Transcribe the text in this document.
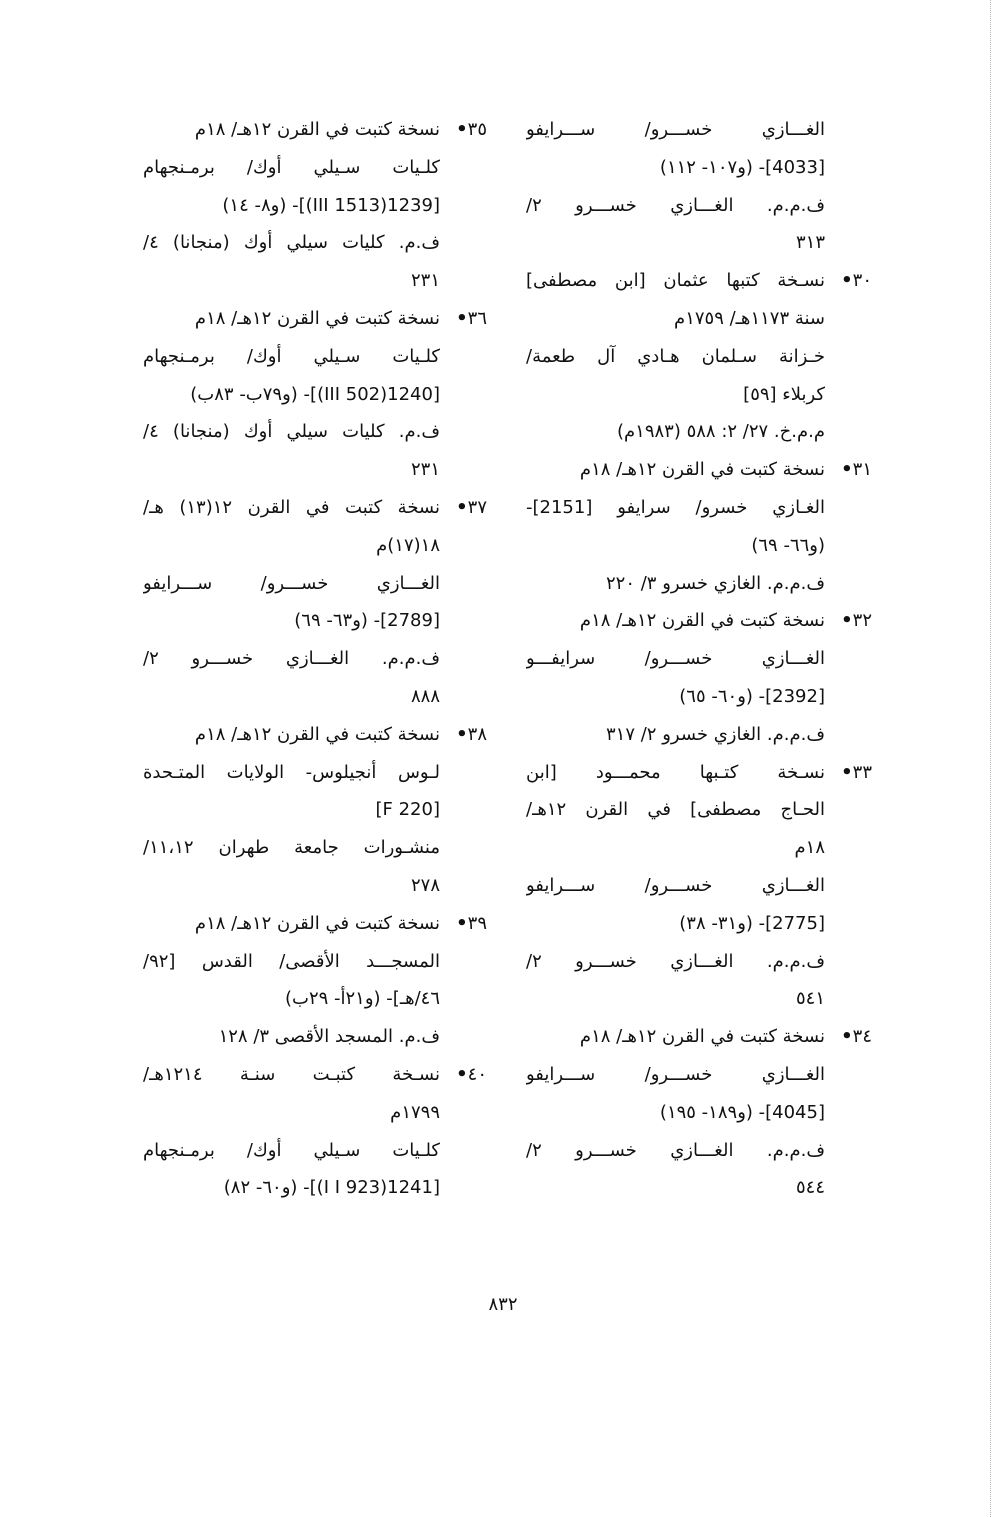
الغـــازي خســـرو/ ســـرايفو
[4033]- (و١٠٧- ١١٢)
ف.م.م. الغـــازي خســـرو ٢/
٣١٣
٣٠•
نسـخة كتبها عثمان [ابن مصطفى]
سنة ١١٧٣هـ/ ١٧٥٩م
خـزانة سـلمان هـادي آل طعمة/
كربلاء [٥٩]
م.م.خ. ٢٧/ ٢: ٥٨٨ (١٩٨٣م)
٣١•
نسخة كتبت في القرن ١٢هـ/ ١٨م
الغـازي خسرو/ سرايفو [2151]-
(و٦٦- ٦٩)
ف.م.م. الغازي خسرو ٣/ ٢٢٠
٣٢•
نسخة كتبت في القرن ١٢هـ/ ١٨م
الغـــازي خســـرو/ سرايفـــو
[2392]- (و٦٠- ٦٥)
ف.م.م. الغازي خسرو ٢/ ٣١٧
٣٣•
نسـخة كتـبها محمـــود [ابن
الحـاج مصطفى] في القرن ١٢هـ/
١٨م
الغـــازي خســـرو/ ســـرايفو
[2775]- (و٣١- ٣٨)
ف.م.م. الغـــازي خســـرو ٢/
٥٤١
٣٤•
نسخة كتبت في القرن ١٢هـ/ ١٨م
الغـــازي خســـرو/ ســـرايفو
[4045]- (و١٨٩- ١٩٥)
ف.م.م. الغـــازي خســـرو ٢/
٥٤٤
٣٥•
نسخة كتبت في القرن ١٢هـ/ ١٨م
كلـيات سـيلي أوك/ برمـنجهام
[1239(1513 III)]- (و٨- ١٤)
ف.م. كليات سيلي أوك (منجانا) ٤/
٢٣١
٣٦•
نسخة كتبت في القرن ١٢هـ/ ١٨م
كلـيات سـيلي أوك/ برمـنجهام
[1240(502 III)]- (و٧٩ب- ٨٣ب)
ف.م. كليات سيلي أوك (منجانا) ٤/
٢٣١
٣٧•
نسخة كتبت في القرن ١٢(١٣) هـ/
١٨(١٧)م
الغـــازي خســـرو/ ســـرايفو
[2789]- (و٦٣- ٦٩)
ف.م.م. الغـــازي خســـرو ٢/
٨٨٨
٣٨•
نسخة كتبت في القرن ١٢هـ/ ١٨م
لـوس أنجيلوس- الولايات المتـحدة
[F 220]
منشـورات جامعة طهران ١١،١٢/
٢٧٨
٣٩•
نسخة كتبت في القرن ١٢هـ/ ١٨م
المسجـــد الأقصى/ القدس [٩٢/
٤٦/هـ]- (و٢١أ- ٢٩ب)
ف.م. المسجد الأقصى ٣/ ١٢٨
٤٠•
نسـخة كتبـت سنـة ١٢١٤هـ/
١٧٩٩م
كلـيات سـيلي أوك/ برمـنجهام
[1241(923 I I)]- (و٦٠- ٨٢)
٨٣٢
